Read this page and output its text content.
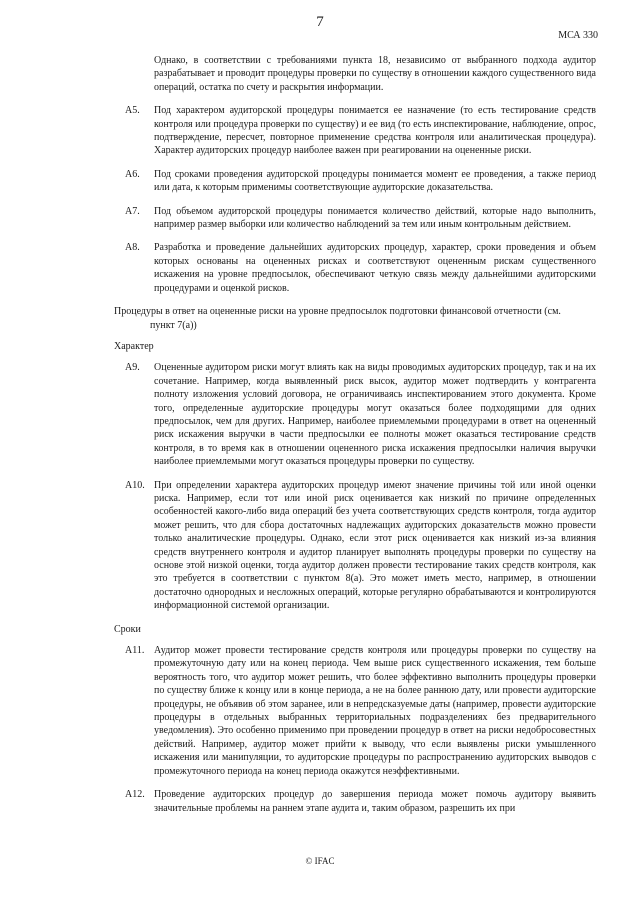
7
МСА 330

Однако, в соответствии с требованиями пункта 18, независимо от выбранного подхода аудитор разрабатывает и проводит процедуры проверки по существу в отношении каждого существенного вида операций, остатка по счету и раскрытия информации.

A5. Под характером аудиторской процедуры понимается ее назначение (то есть тестирование средств контроля или процедура проверки по существу) и ее вид (то есть инспектирование, наблюдение, опрос, подтверждение, пересчет, повторное применение средства контроля или аналитическая процедура). Характер аудиторских процедур наиболее важен при реагировании на оцененные риски.

A6. Под сроками проведения аудиторской процедуры понимается момент ее проведения, а также период или дата, к которым применимы соответствующие аудиторские доказательства.

A7. Под объемом аудиторской процедуры понимается количество действий, которые надо выполнить, например размер выборки или количество наблюдений за тем или иным контрольным действием.

A8. Разработка и проведение дальнейших аудиторских процедур, характер, сроки проведения и объем которых основаны на оцененных рисках и соответствуют оцененным рискам существенного искажения на уровне предпосылок, обеспечивают четкую связь между дальнейшими аудиторскими процедурами и оценкой рисков.

Процедуры в ответ на оцененные риски на уровне предпосылок подготовки финансовой отчетности (см.
пункт 7(a))
Характер
A9. Оцененные аудитором риски могут влиять как на виды проводимых аудиторских процедур, так и на их сочетание. Например, когда выявленный риск высок, аудитор может подтвердить у контрагента полноту изложения условий договора, не ограничиваясь инспектированием этого документа. Кроме того, определенные аудиторские процедуры могут оказаться более подходящими для одних предпосылок, чем для других. Например, наиболее приемлемыми процедурами в ответ на оцененный риск искажения выручки в части предпосылки ее полноты может оказаться тестирование средств контроля, в то время как в отношении оцененного риска искажения предпосылки наличия выручки наиболее приемлемыми могут оказаться процедуры проверки по существу.

A10. При определении характера аудиторских процедур имеют значение причины той или иной оценки риска. Например, если тот или иной риск оценивается как низкий по причине определенных особенностей какого-либо вида операций без учета соответствующих средств контроля, тогда аудитор может решить, что для сбора достаточных надлежащих аудиторских доказательств можно провести только аналитические процедуры. Однако, если этот риск оценивается как низкий из-за влияния средств внутреннего контроля и аудитор планирует выполнять процедуры проверки по существу на основе этой низкой оценки, тогда аудитор должен провести тестирование таких средств контроля, как это требуется в соответствии с пунктом 8(а). Это может иметь место, например, в отношении достаточно однородных и несложных операций, которые регулярно обрабатываются и контролируются информационной системой организации.

Сроки
A11. Аудитор может провести тестирование средств контроля или процедуры проверки по существу на промежуточную дату или на конец периода. Чем выше риск существенного искажения, тем больше вероятность того, что аудитор может решить, что более эффективно выполнить процедуры проверки по существу ближе к концу или в конце периода, а не на более раннюю дату, или провести аудиторские процедуры, не объявив об этом заранее, или в непредсказуемые даты (например, провести аудиторские процедуры в отдельных выбранных территориальных подразделениях без предварительного уведомления). Это особенно применимо при проведении процедур в ответ на риски недобросовестных действий. Например, аудитор может прийти к выводу, что если выявлены риски умышленного искажения или манипуляции, то аудиторские процедуры по распространению аудиторских выводов с промежуточного периода на конец периода окажутся неэффективными.

A12. Проведение аудиторских процедур до завершения периода может помочь аудитору выявить значительные проблемы на раннем этапе аудита и, таким образом, разрешить их при

© IFAC
